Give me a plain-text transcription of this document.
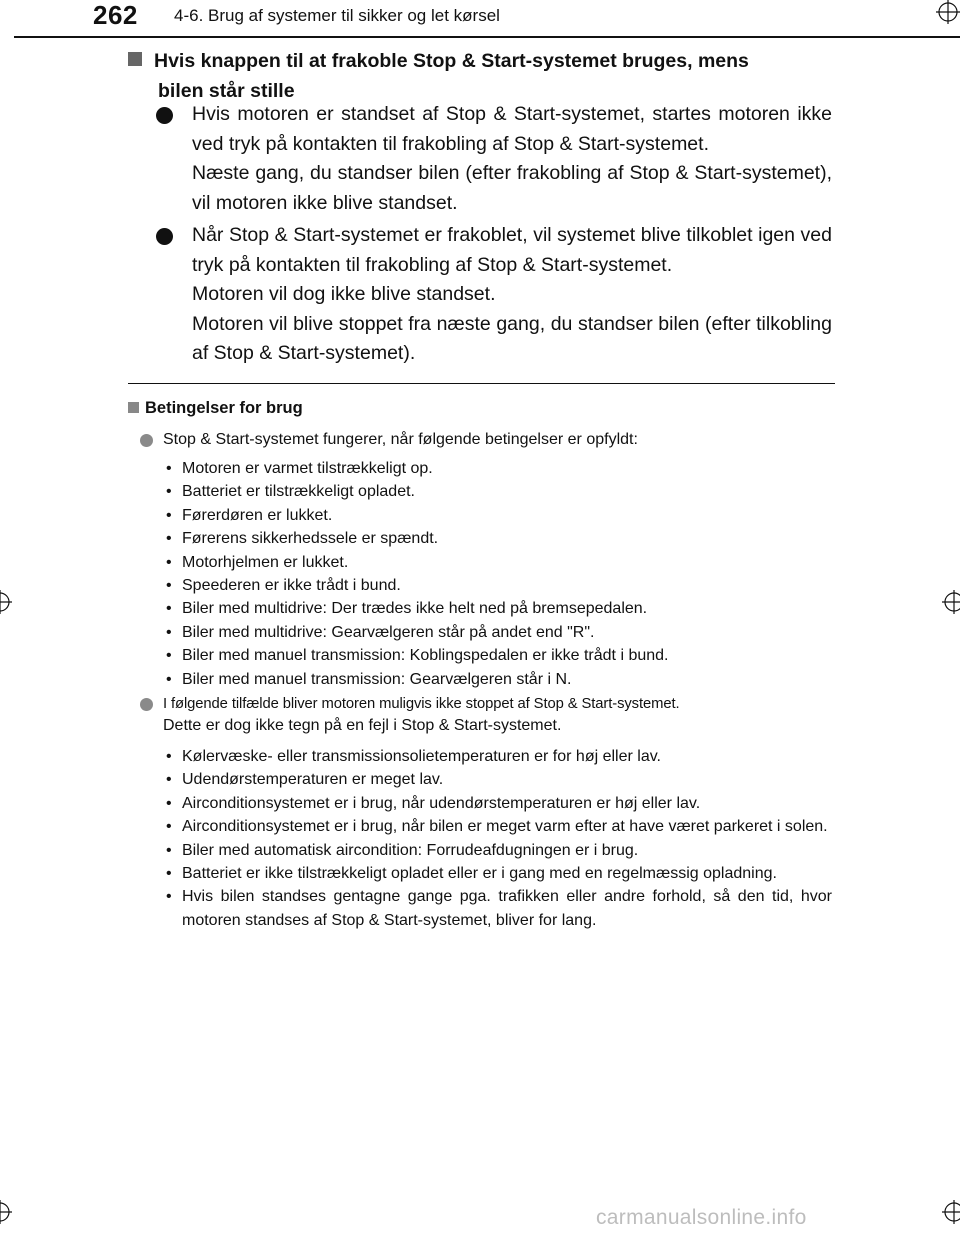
262 4-6. Brug af systemer til sikker og let kørsel
Hvis knappen til at frakoble Stop & Start-systemet bruges, mens
bilen står stille

Hvis motoren er standset af Stop & Start-systemet, startes motoren ikke ved tryk på kontakten til frakobling af Stop & Start-systemet.

Næste gang, du standser bilen (efter frakobling af Stop & Start-systemet), vil motoren ikke blive standset.

Når Stop & Start-systemet er frakoblet, vil systemet blive tilkoblet igen ved tryk på kontakten til frakobling af Stop & Start-systemet.

Motoren vil dog ikke blive standset.

Motoren vil blive stoppet fra næste gang, du standser bilen (efter tilkobling af Stop & Start-systemet).

Betingelser for brug
Stop & Start-systemet fungerer, når følgende betingelser er opfyldt:
• Motoren er varmet tilstrækkeligt op.
• Batteriet er tilstrækkeligt opladet.
• Førerdøren er lukket.
• Førerens sikkerhedssele er spændt.
• Motorhjelmen er lukket.
• Speederen er ikke trådt i bund.
• Biler med multidrive: Der trædes ikke helt ned på bremsepedalen.
• Biler med multidrive: Gearvælgeren står på andet end "R".
• Biler med manuel transmission: Koblingspedalen er ikke trådt i bund.
• Biler med manuel transmission: Gearvælgeren står i N.
I følgende tilfælde bliver motoren muligvis ikke stoppet af Stop & Start-systemet.
Dette er dog ikke tegn på en fejl i Stop & Start-systemet.
• Kølervæske- eller transmissionsolietemperaturen er for høj eller lav.
• Udendørstemperaturen er meget lav.
• Airconditionsystemet er i brug, når udendørstemperaturen er høj eller lav.
• Airconditionsystemet er i brug, når bilen er meget varm efter at have været parkeret i solen.
• Biler med automatisk aircondition: Forrudeafdugningen er i brug.
• Batteriet er ikke tilstrækkeligt opladet eller er i gang med en regelmæssig opladning.
• Hvis bilen standses gentagne gange pga. trafikken eller andre forhold, så den tid, hvor motoren standses af Stop & Start-systemet, bliver for lang.
carmanualsonline.info
